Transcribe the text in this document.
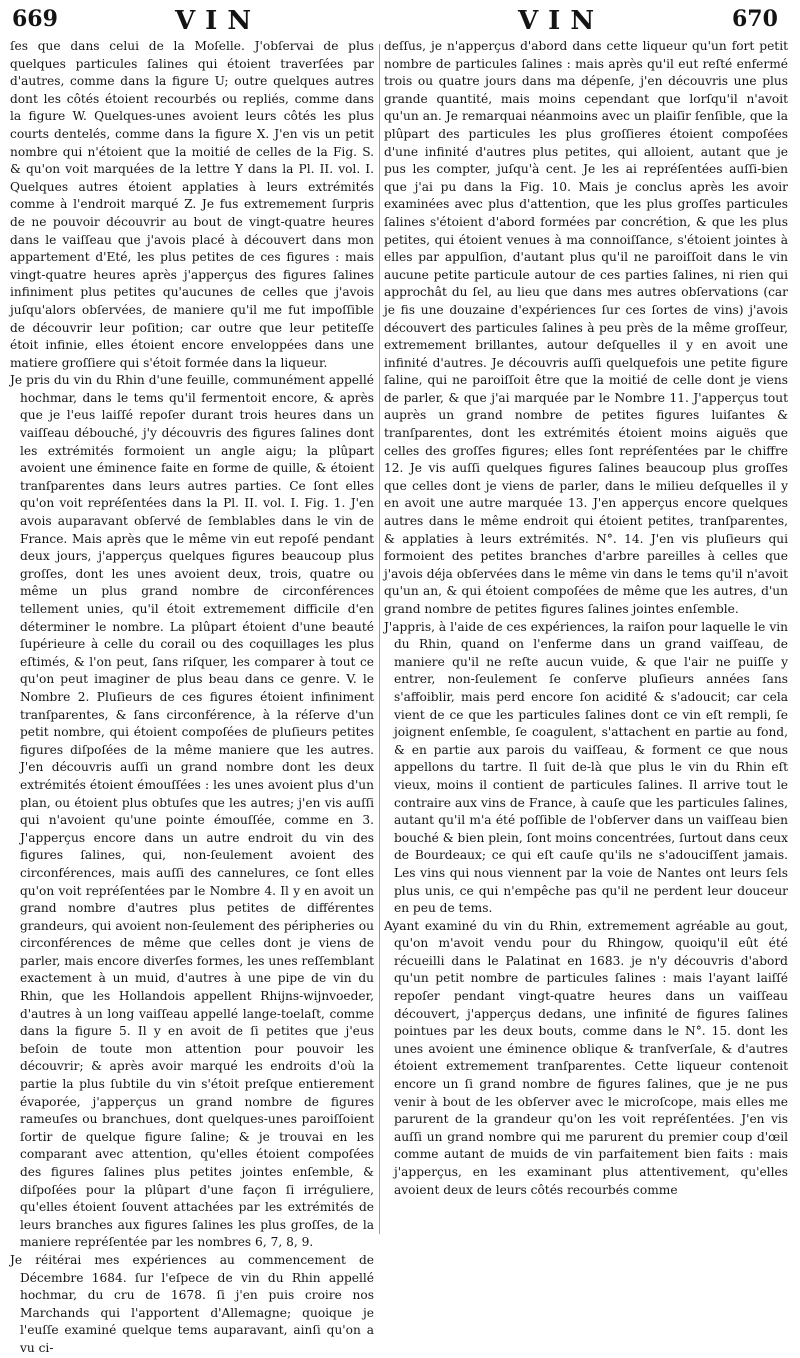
669	VIN	VIN	670

ſes que dans celui de la Moſelle. J'obſervai de plus quelques particules ſalines qui étoient traverſées par d'autres, comme dans la figure U; outre quelques autres dont les côtés étoient recourbés ou repliés, comme dans la figure W. Quelques-unes avoient leurs côtés les plus courts dentelés, comme dans la figure X. J'en vis un petit nombre qui n'étoient que la moitié de celles de la Fig. S. & qu'on voit marquées de la lettre Y dans la Pl. II. vol. I. Quelques autres étoient applaties à leurs extrémités comme à l'endroit marqué Z. Je fus extremement ſurpris de ne pouvoir découvrir au bout de vingt-quatre heures dans le vaiſſeau que j'avois placé à découvert dans mon appartement d'Eté, les plus petites de ces figures : mais vingt-quatre heures après j'apperçus des figures ſalines infiniment plus petites qu'aucunes de celles que j'avois juſqu'alors obſervées, de maniere qu'il me fut impoſſible de découvrir leur poſition; car outre que leur petiteſſe étoit infinie, elles étoient encore enveloppées dans une matiere groſſiere qui s'étoit formée dans la liqueur.

Je pris du vin du Rhin d'une feuille, communément appellé hochmar, dans le tems qu'il fermentoit encore, & après que je l'eus laiſſé repoſer durant trois heures dans un vaiſſeau débouché, j'y découvris des figures ſalines dont les extrémités formoient un angle aigu; la plûpart avoient une éminence faite en forme de quille, & étoient tranſparentes dans leurs autres parties. Ce ſont elles qu'on voit repréſentées dans la Pl. II. vol. I. Fig. 1. J'en avois auparavant obſervé de ſemblables dans le vin de France. Mais après que le même vin eut repoſé pendant deux jours, j'apperçus quelques figures beaucoup plus groſſes, dont les unes avoient deux, trois, quatre ou même un plus grand nombre de circonférences tellement unies, qu'il étoit extremement difficile d'en déterminer le nombre. La plûpart étoient d'une beauté ſupérieure à celle du corail ou des coquillages les plus eſtimés, & l'on peut, ſans riſquer, les comparer à tout ce qu'on peut imaginer de plus beau dans ce genre. V. le Nombre 2. Pluſieurs de ces figures étoient infiniment tranſparentes, & ſans circonférence, à la réſerve d'un petit nombre, qui étoient compoſées de pluſieurs petites figures diſpoſées de la même maniere que les autres. J'en découvris auſſi un grand nombre dont les deux extrémités étoient émouſſées : les unes avoient plus d'un plan, ou étoient plus obtuſes que les autres; j'en vis auſſi qui n'avoient qu'une pointe émouſſée, comme en 3. J'apperçus encore dans un autre endroit du vin des figures ſalines, qui, non-ſeulement avoient des circonférences, mais auſſi des cannelures, ce ſont elles qu'on voit repréſentées par le Nombre 4. Il y en avoit un grand nombre d'autres plus petites de différentes grandeurs, qui avoient non-ſeulement des péripheries ou circonférences de même que celles dont je viens de parler, mais encore diverſes formes, les unes reſſemblant exactement à un muid, d'autres à une pipe de vin du Rhin, que les Hollandois appellent Rhijns-wijnvoeder, d'autres à un long vaiſſeau appellé lange-toelaſt, comme dans la figure 5. Il y en avoit de ſi petites que j'eus beſoin de toute mon attention pour pouvoir les découvrir; & après avoir marqué les endroits d'où la partie la plus ſubtile du vin s'étoit preſque entierement évaporée, j'apperçus un grand nombre de figures rameuſes ou branchues, dont quelques-unes paroiſſoient ſortir de quelque figure ſaline; & je trouvai en les comparant avec attention, qu'elles étoient compoſées des figures ſalines plus petites jointes enſemble, & diſpoſées pour la plûpart d'une façon ſi irréguliere, qu'elles étoient ſouvent attachées par les extrémités de leurs branches aux figures ſalines les plus groſſes, de la maniere repréſentée par les nombres 6, 7, 8, 9.

Je réitérai mes expériences au commencement de Décembre 1684. ſur l'eſpece de vin du Rhin appellé hochmar, du cru de 1678. ſi j'en puis croire nos Marchands qui l'apportent d'Allemagne; quoique je l'euſſe examiné quelque tems auparavant, ainſi qu'on a vu ci-

deſſus, je n'apperçus d'abord dans cette liqueur qu'un fort petit nombre de particules ſalines : mais après qu'il eut reſté enfermé trois ou quatre jours dans ma dépenſe, j'en découvris une plus grande quantité, mais moins cependant que lorſqu'il n'avoit qu'un an. Je remarquai néanmoins avec un plaiſir ſenſible, que la plûpart des particules les plus groſſieres étoient compoſées d'une infinité d'autres plus petites, qui alloient, autant que je pus les compter, juſqu'à cent. Je les ai repréſentées auſſi-bien que j'ai pu dans la Fig. 10. Mais je conclus après les avoir examinées avec plus d'attention, que les plus groſſes particules ſalines s'étoient d'abord formées par concrétion, & que les plus petites, qui étoient venues à ma connoiſſance, s'étoient jointes à elles par appulſion, d'autant plus qu'il ne paroiſſoit dans le vin aucune petite particule autour de ces parties ſalines, ni rien qui approchât du ſel, au lieu que dans mes autres obſervations (car je fis une douzaine d'expériences ſur ces ſortes de vins) j'avois découvert des particules ſalines à peu près de la même groſſeur, extremement brillantes, autour deſquelles il y en avoit une infinité d'autres. Je découvris auſſi quelquefois une petite figure ſaline, qui ne paroiſſoit être que la moitié de celle dont je viens de parler, & que j'ai marquée par le Nombre 11. J'apperçus tout auprès un grand nombre de petites figures luiſantes & tranſparentes, dont les extrémités étoient moins aiguës que celles des groſſes figures; elles ſont repréſentées par le chiffre 12. Je vis auſſi quelques figures ſalines beaucoup plus groſſes que celles dont je viens de parler, dans le milieu deſquelles il y en avoit une autre marquée 13. J'en apperçus encore quelques autres dans le même endroit qui étoient petites, tranſparentes, & applaties à leurs extrémités. N°. 14. J'en vis pluſieurs qui formoient des petites branches d'arbre pareilles à celles que j'avois déja obſervées dans le même vin dans le tems qu'il n'avoit qu'un an, & qui étoient compoſées de même que les autres, d'un grand nombre de petites figures ſalines jointes enſemble.

J'appris, à l'aide de ces expériences, la raiſon pour laquelle le vin du Rhin, quand on l'enferme dans un grand vaiſſeau, de maniere qu'il ne reſte aucun vuide, & que l'air ne puiſſe y entrer, non-ſeulement ſe conſerve pluſieurs années ſans s'affoiblir, mais perd encore ſon acidité & s'adoucit; car cela vient de ce que les particules ſalines dont ce vin eſt rempli, ſe joignent enſemble, ſe coagulent, s'attachent en partie au fond, & en partie aux parois du vaiſſeau, & forment ce que nous appellons du tartre. Il ſuit de-là que plus le vin du Rhin eſt vieux, moins il contient de particules ſalines. Il arrive tout le contraire aux vins de France, à cauſe que les particules ſalines, autant qu'il m'a été poſſible de l'obſerver dans un vaiſſeau bien bouché & bien plein, ſont moins concentrées, ſurtout dans ceux de Bourdeaux; ce qui eſt cauſe qu'ils ne s'adouciſſent jamais. Les vins qui nous viennent par la voie de Nantes ont leurs ſels plus unis, ce qui n'empêche pas qu'il ne perdent leur douceur en peu de tems.

Ayant examiné du vin du Rhin, extremement agréable au gout, qu'on m'avoit vendu pour du Rhingow, quoiqu'il eût été récueilli dans le Palatinat en 1683. je n'y découvris d'abord qu'un petit nombre de particules ſalines : mais l'ayant laiſſé repoſer pendant vingt-quatre heures dans un vaiſſeau découvert, j'apperçus dedans, une infinité de figures ſalines pointues par les deux bouts, comme dans le N°. 15. dont les unes avoient une éminence oblique & tranſverſale, & d'autres étoient extremement tranſparentes. Cette liqueur contenoit encore un ſi grand nombre de figures ſalines, que je ne pus venir à bout de les obſerver avec le microſcope, mais elles me parurent de la grandeur qu'on les voit repréſentées. J'en vis auſſi un grand nombre qui me parurent du premier coup d'œil comme autant de muids de vin parfaitement bien faits : mais j'apperçus, en les examinant plus attentivement, qu'elles avoient deux de leurs côtés recourbés comme
